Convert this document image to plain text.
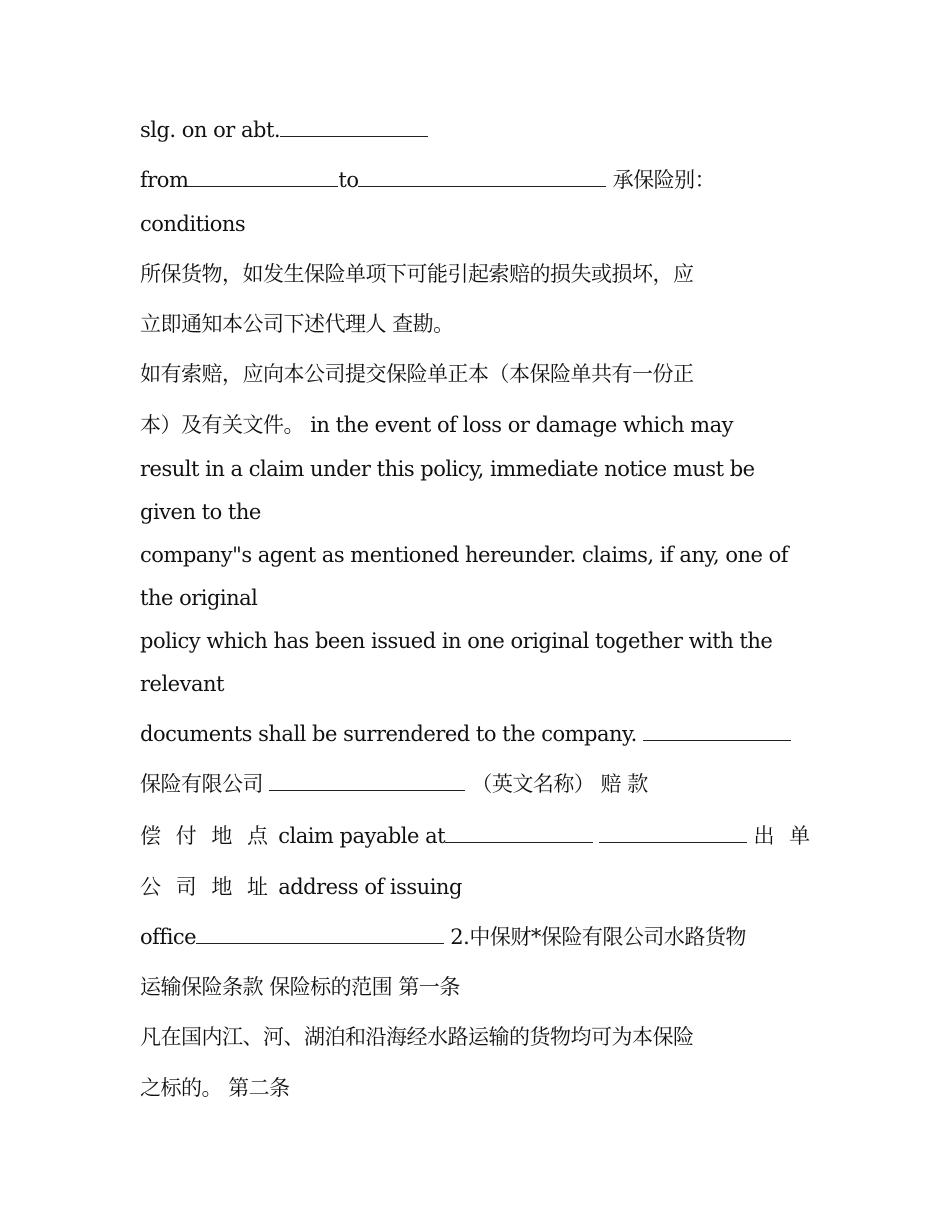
slg. on or abt.
from	to	承保险别：
conditions
所保货物，如发生保险单项下可能引起索赔的损失或损坏，应
立即通知本公司下述代理人 查勘。
如有索赔，应向本公司提交保险单正本（本保险单共有一份正
本）及有关文件。 in the event of loss or damage which may
result in a claim under this policy, immediate notice must be
given to the
company"s agent as mentioned hereunder. claims, if any, one of
the original
policy which has been issued in one original together with the
relevant
documents shall be surrendered to the company.
保险有限公司	（英文名称） 赔 款
偿 付 地 点 claim payable at	出 单
公 司 地 址 address of issuing
office	2.中保财*保险有限公司水路货物
运输保险条款 保险标的范围 第一条
凡在国内江、河、湖泊和沿海经水路运输的货物均可为本保险
之标的。 第二条
